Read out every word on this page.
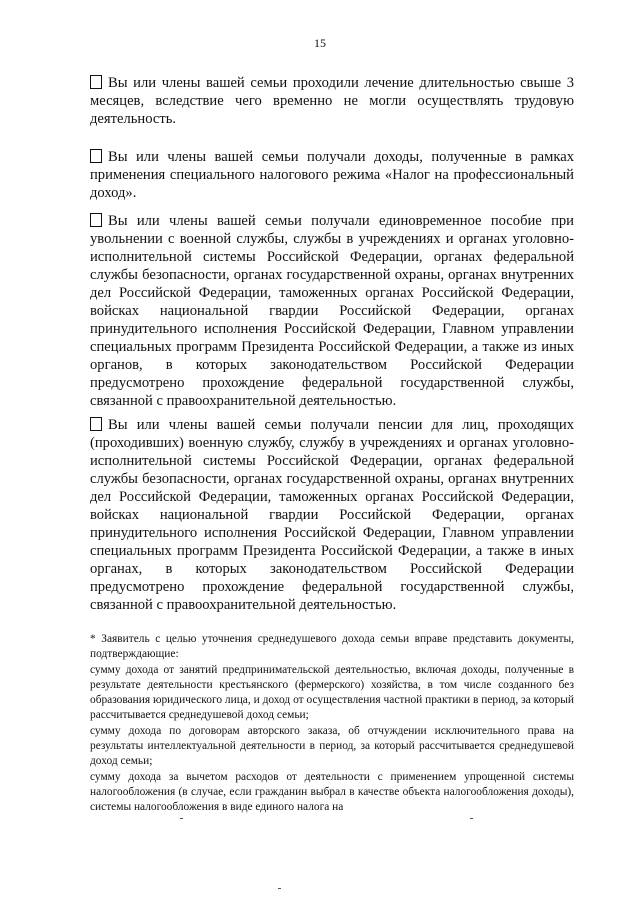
15
Вы или члены вашей семьи проходили лечение длительностью свыше 3 месяцев, вследствие чего временно не могли осуществлять трудовую деятельность.
Вы или члены вашей семьи получали доходы, полученные в рамках применения специального налогового режима «Налог на профессиональный доход».
Вы или члены вашей семьи получали единовременное пособие при увольнении с военной службы, службы в учреждениях и органах уголовно-исполнительной системы Российской Федерации, органах федеральной службы безопасности, органах государственной охраны, органах внутренних дел Российской Федерации, таможенных органах Российской Федерации, войсках национальной гвардии Российской Федерации, органах принудительного исполнения Российской Федерации, Главном управлении специальных программ Президента Российской Федерации, а также из иных органов, в которых законодательством Российской Федерации предусмотрено прохождение федеральной государственной службы, связанной с правоохранительной деятельностью.
Вы или члены вашей семьи получали пенсии для лиц, проходящих (проходивших) военную службу, службу в учреждениях и органах уголовно-исполнительной системы Российской Федерации, органах федеральной службы безопасности, органах государственной охраны, органах внутренних дел Российской Федерации, таможенных органах Российской Федерации, войсках национальной гвардии Российской Федерации, органах принудительного исполнения Российской Федерации, Главном управлении специальных программ Президента Российской Федерации, а также в иных органах, в которых законодательством Российской Федерации предусмотрено прохождение федеральной государственной службы, связанной с правоохранительной деятельностью.

* Заявитель с целью уточнения среднедушевого дохода семьи вправе представить документы, подтверждающие:

сумму дохода от занятий предпринимательской деятельностью, включая доходы, полученные в результате деятельности крестьянского (фермерского) хозяйства, в том числе созданного без образования юридического лица, и доход от осуществления частной практики в период, за который рассчитывается среднедушевой доход семьи;

сумму дохода по договорам авторского заказа, об отчуждении исключительного права на результаты интеллектуальной деятельности в период, за который рассчитывается среднедушевой доход семьи;

сумму дохода за вычетом расходов от деятельности с применением упрощенной системы налогообложения (в случае, если гражданин выбрал в качестве объекта налогообложения доходы), системы налогообложения в виде единого налога на
